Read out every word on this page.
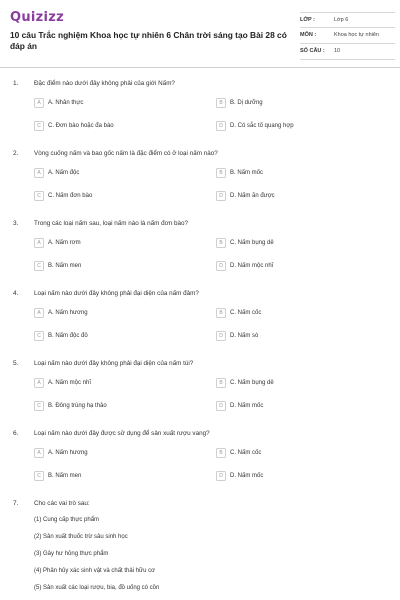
Quizizz
10 câu Trắc nghiệm Khoa học tự nhiên 6 Chân trời sáng tạo Bài 28 có đáp án
LỚP :	Lớp 6
MÔN :	Khoa học tự nhiên
SỐ CÂU : 10
1. Đặc điểm nào dưới đây không phải của giới Nấm?
A	A. Nhân thực	B	B. Dị dưỡng
C	C. Đơn bào hoặc đa bào	D	D. Có sắc tố quang hợp
2. Vòng cuống nấm và bao gốc nấm là đặc điểm có ở loại nấm nào?
A	A. Nấm độc	B	B. Nấm mốc
C	C. Nấm đơn bào	D	D. Nấm ăn được
3. Trong các loại nấm sau, loại nấm nào là nấm đơn bào?
A	A. Nấm rơm	B	C. Nấm bụng dê
C	B. Nấm men	D	D. Nấm mộc nhĩ
4. Loại nấm nào dưới đây không phải đại diện của nấm đảm?
A	A. Nấm hương	B	C. Nấm cốc
C	B. Nấm độc đỏ	D	D. Nấm sò
5. Loại nấm nào dưới đây không phải đại diện của nấm túi?
A	A. Nấm mộc nhĩ	B	C. Nấm bụng dê
C	B. Đông trùng hạ thảo	D	D. Nấm mốc
6. Loại nấm nào dưới đây được sử dụng để sản xuất rượu vang?
A	A. Nấm hương	B	C. Nấm cốc
C	B. Nấm men	D	D. Nấm mốc
7. Cho các vai trò sau:
(1) Cung cấp thực phẩm
(2) Sản xuất thuốc trừ sâu sinh học
(3) Gây hư hỏng thực phẩm
(4) Phân hủy xác sinh vật và chất thải hữu cơ
(5) Sản xuất các loại rượu, bia, đồ uống có cồn
